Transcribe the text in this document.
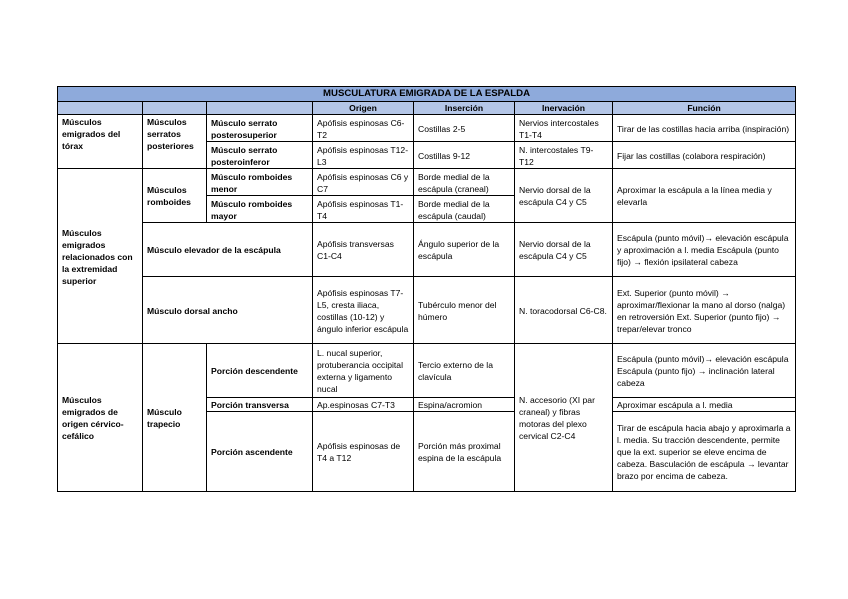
MUSCULATURA EMIGRADA DE LA ESPALDA						
			Origen	Inserción	Inervación	Función
Músculos emigrados del tórax	Músculos serratos posteriores	Músculo serrato posterosuperior	Apófisis espinosas C6-T2	Costillas 2-5	Nervios intercostales T1-T4	Tirar de las costillas hacia arriba (inspiración)
		Músculo serrato posteroinferor	Apófisis espinosas T12-L3	Costillas 9-12	N. intercostales T9-T12	Fijar las costillas (colabora respiración)
Músculos emigrados relacionados con la extremidad superior	Músculos romboides	Músculo romboides menor	Apófisis espinosas C6 y C7	Borde medial de la escápula (craneal)	Nervio dorsal de la escápula C4 y C5	Aproximar la escápula a la línea media y elevarla
		Músculo romboides mayor	Apófisis espinosas T1-T4	Borde medial de la escápula (caudal)		
	Músculo elevador de la escápula		Apófisis transversas C1-C4	Ángulo superior de la escápula	Nervio dorsal de la escápula C4 y C5	Escápula (punto móvil)→ elevación escápula y aproximación a l. media Escápula (punto fijo) → flexión ipsilateral cabeza
	Músculo dorsal ancho		Apófisis espinosas T7-L5, cresta iliaca, costillas (10-12) y ángulo inferior escápula	Tubérculo menor del húmero	N. toracodorsal C6-C8.	Ext. Superior (punto móvil) → aproximar/flexionar la mano al dorso (nalga) en retroversión Ext. Superior (punto fijo) → trepar/elevar tronco
Músculos emigrados de origen cérvico-cefálico	Músculo trapecio	Porción descendente	L. nucal superior, protuberancia occipital externa y ligamento nucal	Tercio externo de la clavícula	N. accesorio (XI par craneal) y fibras motoras del plexo cervical C2-C4	Escápula (punto móvil)→ elevación escápula Escápula (punto fijo) → inclinación lateral cabeza
		Porción transversa	Ap.espinosas C7-T3	Espina/acromion		Aproximar escápula a l. media
		Porción ascendente	Apófisis espinosas de T4 a T12	Porción más proximal espina de la escápula		Tirar de escápula hacia abajo y aproximarla a l. media. Su tracción descendente, permite que la ext. superior se eleve encima de cabeza. Basculación de escápula → levantar brazo por encima de cabeza.
